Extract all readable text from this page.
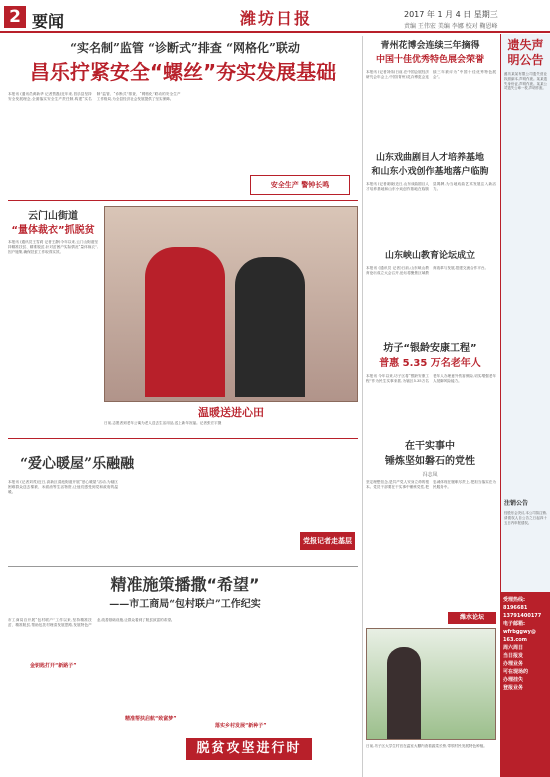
2 要闻	潍坊日报	2017 年 1 月 4 日 星期三
责编 王伟宏 美编 李娜 校对 鞠恩峰
“实名制”监管 “诊断式”排查 “网格化”联动
昌乐拧紧安全“螺丝”夯实发展基础
本报讯 (通讯员黄新华 记者贾磊)近年来,昌乐县坚持安全发展理念,全面落实安全生产责任制,构建“实名制”监管、“诊断式”排查、“网格化”联动的安全生产工作格局,为全县经济社会发展提供了坚实保障。
安全生产 警钟长鸣
云门山街道
“量体裁衣”抓脱贫
本报讯 (通讯员王雪莉 记者王静)今年以来,云门山街道坚持精准扶贫、精准脱贫,针对贫困户实际情况“量体裁衣”,因户施策,确保扶贫工作取得实效。
温暖送进心田
日前,志愿者到老年公寓为老人送去生活用品,送上新年祝福。记者张宏宇摄
“爱心暖屋”乐融融
本报讯 (记者刘茂)近日,高新区清池街道开展“爱心暖屋”活动,为辖区困难群众送去棉被、米面油等生活物资,让他们感受到党和政府的温暖。
精准施策播撒“希望”
——市工商局“包村联户”工作纪实
市工商局自开展“包村联户”工作以来,坚持精准扶贫、精准脱贫,帮助包扶村理清发展思路,发展特色产业,改善基础设施,让群众看到了脱贫致富的希望。
金钥匙打开“新路子”
精准帮扶启航“致富梦”
落实乡村发展“新种子”
党报记者走基层
脱贫攻坚进行时
青州花博会连续三年摘得
中国十佳优秀特色展会荣誉
本报讯 (记者刘伟)日前,在中国会展经济研究会年会上,中国(青州)花卉博览会连续三年被评为“中国十佳优秀特色展会”。
山东戏曲剧目人才培养基地
和山东小戏创作基地落户临朐
本报讯 (记者姜晓)近日,山东戏曲剧目人才培养基地和山东小戏创作基地在临朐县揭牌,为当地戏曲艺术发展注入新活力。
山东峡山教育论坛成立
本报讯 (通讯员 记者)日前,山东峡山教育论坛成立大会召开,论坛将聚焦区域教育改革与发展,搭建交流合作平台。
坊子“银龄安康工程”
普惠 5.35 万名老年人
本报讯 今年以来,坊子区将“银龄安康工程”作为民生实事来抓,为辖区5.35万名老年人办理意外伤害保险,切实增强老年人抵御风险能力。
在干实事中
锤炼坚如磐石的党性
冯志凤
坚定理想信念,是共产党人安身立命的根本。党员干部要在干实事中锤炼党性,把忠诚体现在履职尽责上,把担当落实在为民服务中。
潍水论坛
日前,坊子区大学生村官在温室大棚内查看蔬菜长势,带领村民发展特色种植。
遗失声明公告
潍坊某某有限公司遗失营业执照副本,声明作废。某某遗失身份证,声明作废。某某公司遗失公章一枚,声明作废。
注销公告
经股东会决议,本公司拟注销,请债权人自公告之日起四十五日内申报债权。
受理热线:
8196681
13791400177
电子邮箱:
wfrbggwy@
163.com
周六周日
当日报发
办理业务
可在现场的
办理挂失
登报业务
